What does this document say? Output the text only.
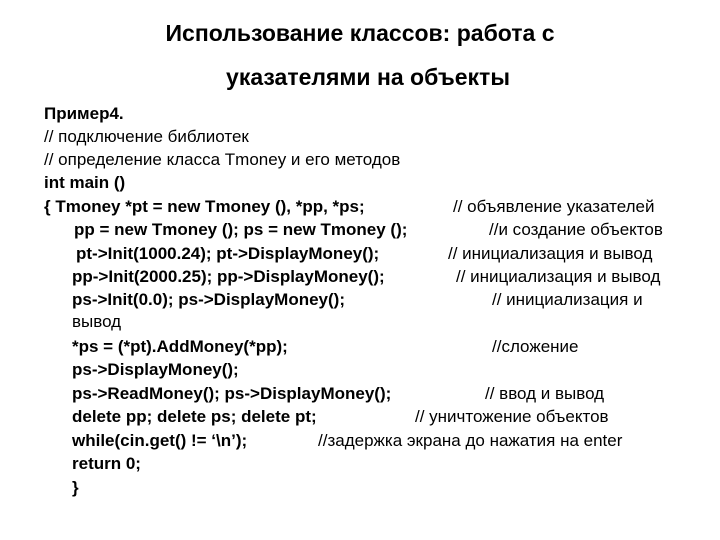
Использование классов: работа с
указателями на объекты
Пример4.
// подключение библиотек
// определение класса Tmoney и его методов
int main ()
{ Tmoney *pt = new Tmoney (), *pp, *ps;	// объявление указателей
pp = new Tmoney (); ps = new Tmoney ();	//и создание объектов
pt->Init(1000.24); pt->DisplayMoney();	// инициализация и вывод
pp->Init(2000.25); pp->DisplayMoney();	// инициализация и вывод
ps->Init(0.0); ps->DisplayMoney();	// инициализация и
вывод
*ps = (*pt).AddMoney(*pp);	//сложение
ps->DisplayMoney();
ps->ReadMoney(); ps->DisplayMoney();	// ввод и вывод
delete pp; delete ps; delete pt;	// уничтожение объектов
while(cin.get() != ‘\n’);	//задержка экрана до нажатия на enter
return 0;
}
